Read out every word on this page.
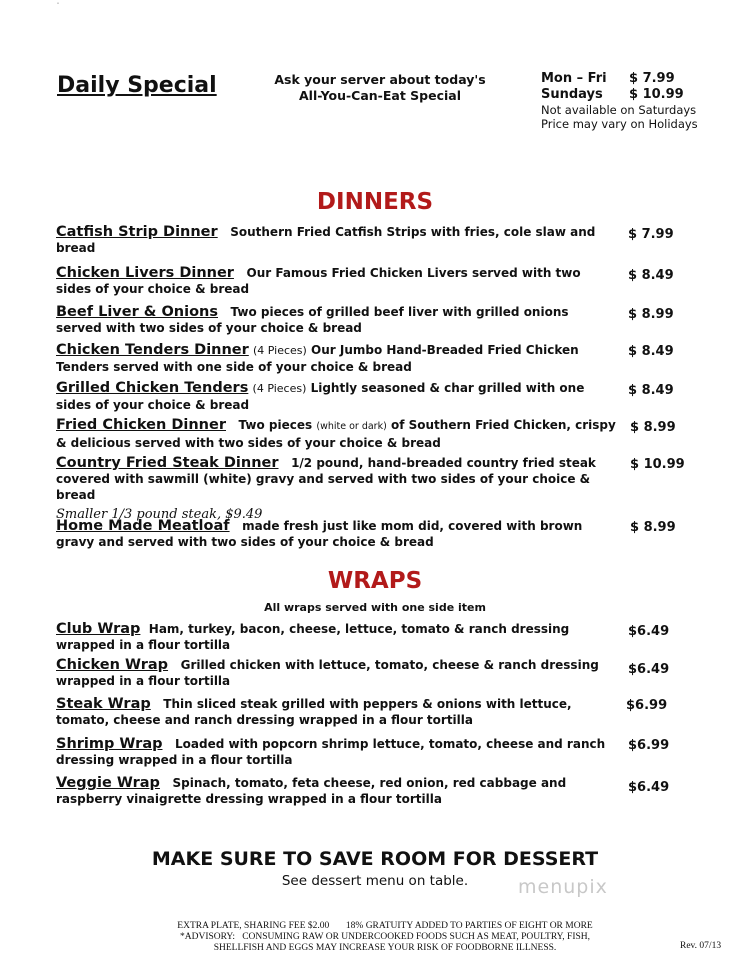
˙
Daily Special	Ask your server about today's
All-You-Can-Eat Special
Mon – Fri $ 7.99
Sundays $ 10.99
Not available on Saturdays
Price may vary on Holidays
DINNERS
Catfish Strip Dinner Southern Fried Catfish Strips with fries, cole slaw and bread
$ 7.99
Chicken Livers Dinner Our Famous Fried Chicken Livers served with two sides of your choice & bread
$ 8.49
Beef Liver & Onions Two pieces of grilled beef liver with grilled onions served with two sides of your choice & bread
$ 8.99
Chicken Tenders Dinner (4 Pieces) Our Jumbo Hand-Breaded Fried Chicken Tenders served with one side of your choice & bread
$ 8.49
Grilled Chicken Tenders (4 Pieces) Lightly seasoned & char grilled with one sides of your choice & bread
$ 8.49
Fried Chicken Dinner Two pieces (white or dark) of Southern Fried Chicken, crispy & delicious served with two sides of your choice & bread
$ 8.99
Country Fried Steak Dinner 1/2 pound, hand-breaded country fried steak covered with sawmill (white) gravy and served with two sides of your choice & bread
Smaller 1/3 pound steak, $9.49
$ 10.99
Home Made Meatloaf made fresh just like mom did, covered with brown gravy and served with two sides of your choice & bread
$ 8.99
WRAPS
All wraps served with one side item
Club Wrap Ham, turkey, bacon, cheese, lettuce, tomato & ranch dressing wrapped in a flour tortilla
$6.49
Chicken Wrap Grilled chicken with lettuce, tomato, cheese & ranch dressing wrapped in a flour tortilla
$6.49
Steak Wrap Thin sliced steak grilled with peppers & onions with lettuce, tomato, cheese and ranch dressing wrapped in a flour tortilla
$6.99
Shrimp Wrap Loaded with popcorn shrimp lettuce, tomato, cheese and ranch dressing wrapped in a flour tortilla
$6.99
Veggie Wrap Spinach, tomato, feta cheese, red onion, red cabbage and raspberry vinaigrette dressing wrapped in a flour tortilla
$6.49
MAKE SURE TO SAVE ROOM FOR DESSERT
See dessert menu on table.	menupix
EXTRA PLATE, SHARING FEE $2.00       18% GRATUITY ADDED TO PARTIES OF EIGHT OR MORE
*ADVISORY:   CONSUMING RAW OR UNDERCOOKED FOODS SUCH AS MEAT, POULTRY, FISH,
SHELLFISH AND EGGS MAY INCREASE YOUR RISK OF FOODBORNE ILLNESS.	Rev. 07/13
